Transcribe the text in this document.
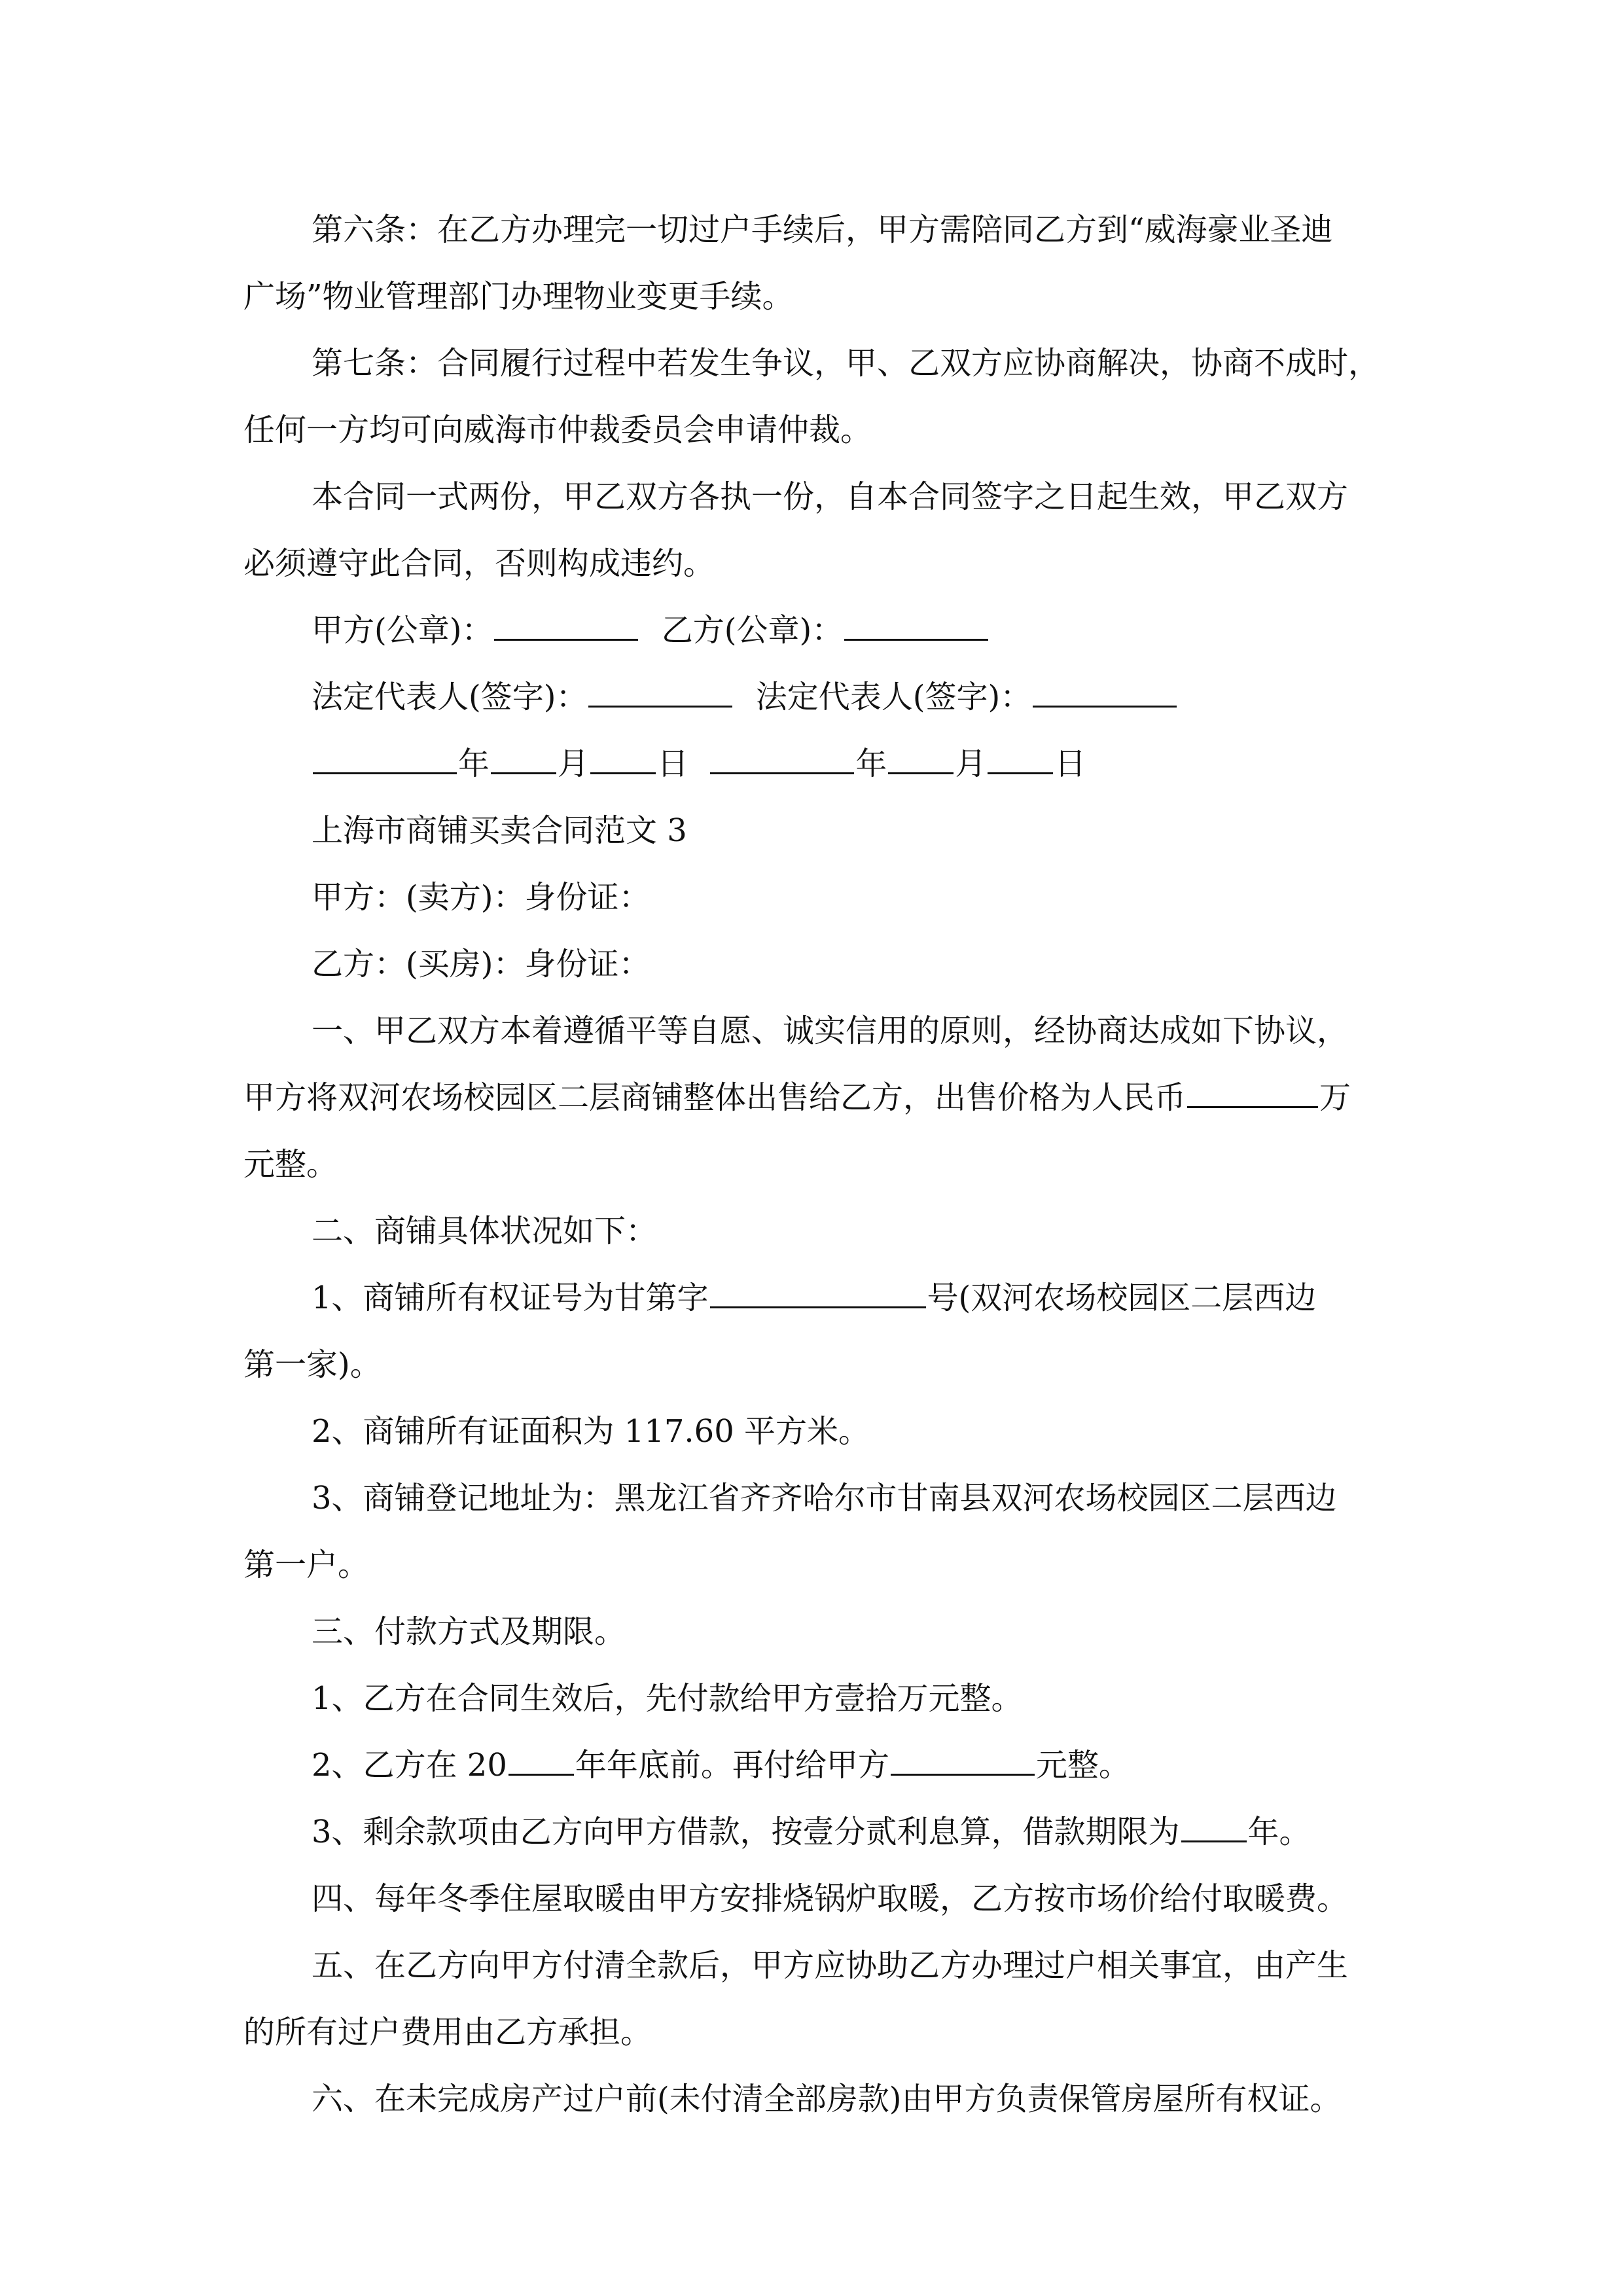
第六条：在乙方办理完一切过户手续后，甲方需陪同乙方到“威海豪业圣迪

广场”物业管理部门办理物业变更手续。

第七条：合同履行过程中若发生争议，甲、乙双方应协商解决，协商不成时，

任何一方均可向威海市仲裁委员会申请仲裁。

本合同一式两份，甲乙双方各执一份，自本合同签字之日起生效，甲乙双方

必须遵守此合同，否则构成违约。

甲方(公章)：	乙方(公章)：

法定代表人(签字)：	法定代表人(签字)：

年 月 日	年 月 日

上海市商铺买卖合同范文 3

甲方：(卖方)：身份证：

乙方：(买房)：身份证：

一、甲乙双方本着遵循平等自愿、诚实信用的原则，经协商达成如下协议，

甲方将双河农场校园区二层商铺整体出售给乙方，出售价格为人民币	万

元整。

二、商铺具体状况如下：

1、商铺所有权证号为甘第字	号(双河农场校园区二层西边

第一家)。

2、商铺所有证面积为 117.60 平方米。

3、商铺登记地址为：黑龙江省齐齐哈尔市甘南县双河农场校园区二层西边

第一户。

三、付款方式及期限。

1、乙方在合同生效后，先付款给甲方壹拾万元整。

2、乙方在 20 年年底前。再付给甲方	元整。

3、剩余款项由乙方向甲方借款，按壹分贰利息算，借款期限为 年。

四、每年冬季住屋取暖由甲方安排烧锅炉取暖，乙方按市场价给付取暖费。

五、在乙方向甲方付清全款后，甲方应协助乙方办理过户相关事宜，由产生

的所有过户费用由乙方承担。

六、在未完成房产过户前(未付清全部房款)由甲方负责保管房屋所有权证。
